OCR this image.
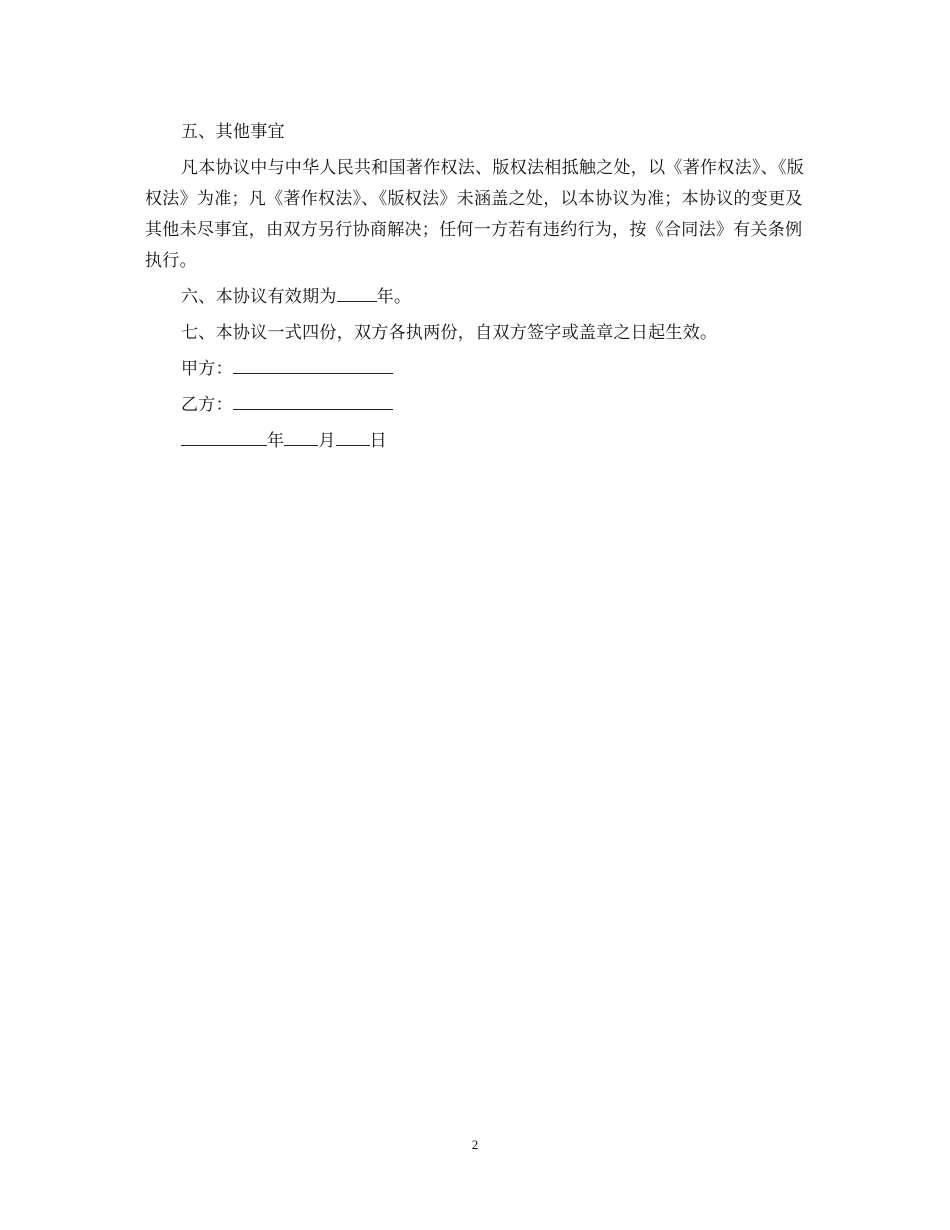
五、其他事宜

凡本协议中与中华人民共和国著作权法、版权法相抵触之处，以《著作权法》、《版权法》为准；凡《著作权法》、《版权法》未涵盖之处，以本协议为准；本协议的变更及其他未尽事宜，由双方另行协商解决；任何一方若有违约行为，按《合同法》有关条例执行。

六、本协议有效期为 年。

七、本协议一式四份，双方各执两份，自双方签字或盖章之日起生效。

甲方：

乙方：

年 月 日

2
